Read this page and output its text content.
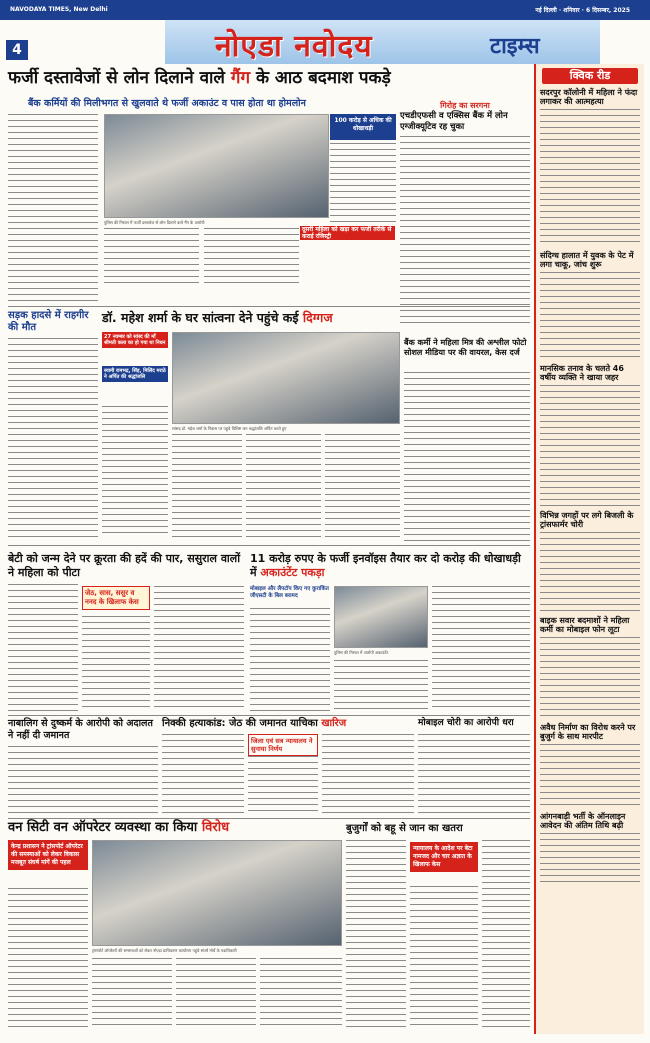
NAVODAYA TIMES, New Delhi	नई दिल्ली · शनिवार · 6 दिसम्बर, 2025
4	नोएडा नवोदय	टाइम्स
फर्जी दस्तावेजों से लोन दिलाने वाले गैंग के आठ बदमाश पकड़े
बैंक कर्मियों की मिलीभगत से खुलवाते थे फर्जी अकाउंट व पास होता था होमलोन
100 करोड़ से अधिक की धोखाधड़ी
पुलिस की गिरफ्त में फर्जी दस्तावेज से लोन दिलाने वाले गैंग के आरोपी
दूसरी महिला को खड़ा कर फर्जी तरीके से कराई रजिस्ट्री
गिरोह का सरगना
एचडीएफसी व एक्सिस बैंक में लोन एग्जीक्यूटिव रह चुका
सड़क हादसे में राहगीर की मौत
डॉ. महेश शर्मा के घर सांत्वना देने पहुंचे कई दिग्गज
27 नवम्बर को सांस्द की माँ श्रीमती कला का हो गया था निधन
स्वामी रामभद्र, सिंह, मिलिंद मराठे ने अर्पित की श्रद्धांजलि
सांसद डॉ. महेश शर्मा के निवास पर पहुंचे विशिष्ट जन श्रद्धांजलि अर्पित करते हुए
बैंक कर्मी ने महिला मित्र की अश्लील फोटो सोशल मीडिया पर की वायरल, केस दर्ज
बेटी को जन्म देने पर क्रूरता की हदें की पार, ससुराल वालों ने महिला को पीटा
जेठ, सास, ससुर व ननद के खिलाफ केस
11 करोड़ रुपए के फर्जी इनवॉइस तैयार कर दो करोड़ की धोखाधड़ी में अकाउंटेंट पकड़ा
मोबाइल और लैपटॉप किए गए कुराकिंत जीएसटी के बिल बरामद
पुलिस की गिरफ्त में आरोपी अकाउंटेंट
नाबालिग से दुष्कर्म के आरोपी को अदालत ने नहीं दी जमानत
निक्की हत्याकांड: जेठ की जमानत याचिका खारिज
जिला एवं सत्र न्यायालय ने सुनाया निर्णय
मोबाइल चोरी का आरोपी धरा
वन सिटी वन ऑपरेटर व्यवस्था का किया विरोध
केन्द्र प्रशासन ने ट्रांसपोर्ट ऑपरेटर की समस्याओं को लेकर विकास मजबूत संघर्ष मांगें की पहल
ट्रांसपोर्ट ऑपरेटरों की समस्याओं को लेकर नोएडा प्राधिकरण कार्यालय पहुंचे संघर्ष मोर्चे के पदाधिकारी
बुजुर्गों को बहू से जान का खतरा
न्यायालय के आदेश पर बेटा नामजद और चार अज्ञात के खिलाफ केस
क्विक रीड
सदरपुर कॉलोनी में महिला ने फंदा लगाकर की आत्महत्या
संदिग्ध हालात में युवक के पेट में लगा चाकू, जांच शुरू
मानसिक तनाव के चलते 46 वर्षीय व्यक्ति ने खाया जहर
विभिन्न जगहों पर लगे बिजली के ट्रांसफार्मर चोरी
बाइक सवार बदमाशों ने महिला कर्मी का मोबाइल फोन लूटा
अवैध निर्माण का विरोध करने पर बुजुर्ग के साथ मारपीट
आंगनबाड़ी भर्ती के ऑनलाइन आवेदन की अंतिम तिथि बढ़ी
